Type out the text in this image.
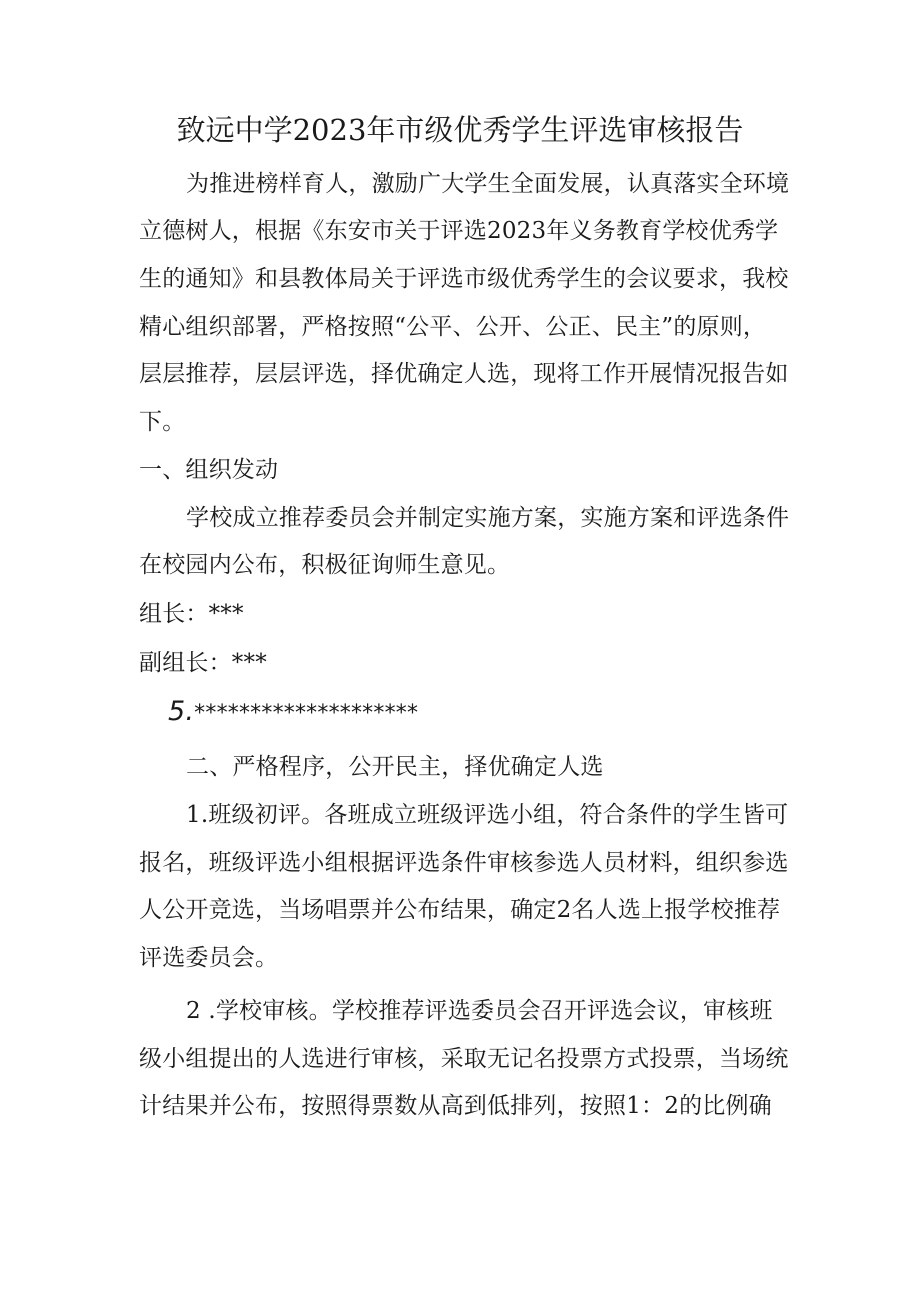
致远中学2023年市级优秀学生评选审核报告
为推进榜样育人，激励广大学生全面发展，认真落实全环境
立德树人，根据《东安市关于评选2023年义务教育学校优秀学
生的通知》和县教体局关于评选市级优秀学生的会议要求，我校
精心组织部署，严格按照“公平、公开、公正、民主”的原则，
层层推荐，层层评选，择优确定人选，现将工作开展情况报告如
下。
一、组织发动
学校成立推荐委员会并制定实施方案，实施方案和评选条件
在校园内公布，积极征询师生意见。
组长：***
副组长：***
5.********************
二、严格程序，公开民主，择优确定人选
1.班级初评。各班成立班级评选小组，符合条件的学生皆可
报名，班级评选小组根据评选条件审核参选人员材料，组织参选
人公开竞选，当场唱票并公布结果，确定2名人选上报学校推荐
评选委员会。
2 .学校审核。学校推荐评选委员会召开评选会议，审核班
级小组提出的人选进行审核，采取无记名投票方式投票，当场统
计结果并公布，按照得票数从高到低排列，按照1：2的比例确
